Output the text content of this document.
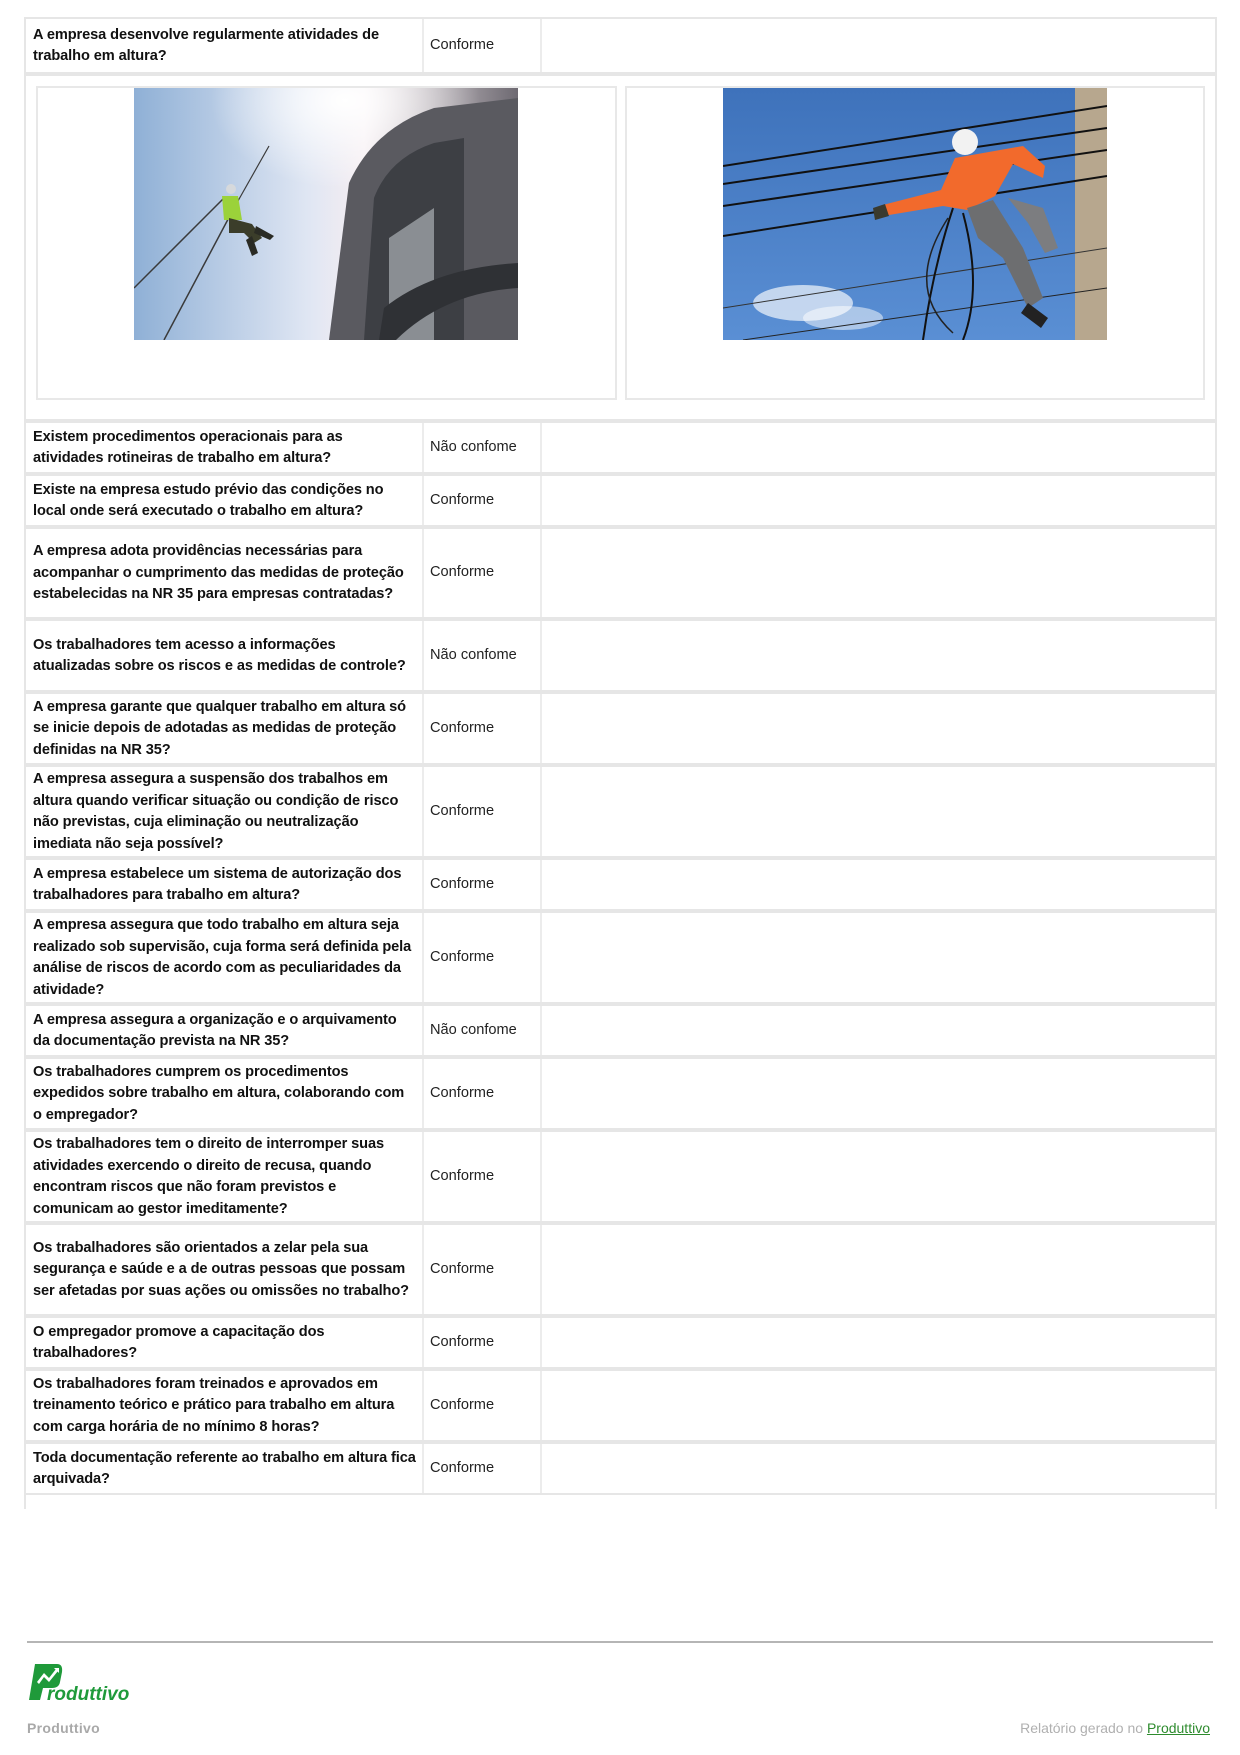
A empresa desenvolve regularmente atividades de trabalho em altura?
Conforme
Existem procedimentos operacionais para as atividades rotineiras de trabalho em altura?
Não confome
Existe na empresa estudo prévio das condições no local onde será executado o trabalho em altura?
Conforme
A empresa adota providências necessárias para acompanhar o cumprimento das medidas de proteção estabelecidas na NR 35 para empresas contratadas?
Conforme
Os trabalhadores tem acesso a informações atualizadas sobre os riscos e as medidas de controle?
Não confome
A empresa garante que qualquer trabalho em altura só se inicie depois de adotadas as medidas de proteção definidas na NR 35?
Conforme
A empresa assegura a suspensão dos trabalhos em altura quando verificar situação ou condição de risco não previstas, cuja eliminação ou neutralização imediata não seja possível?
Conforme
A empresa estabelece um sistema de autorização dos trabalhadores para trabalho em altura?
Conforme
A empresa assegura que todo trabalho em altura seja realizado sob supervisão, cuja forma será definida pela análise de riscos de acordo com as peculiaridades da atividade?
Conforme
A empresa assegura a organização e o arquivamento da documentação prevista na NR 35?
Não confome
Os trabalhadores cumprem os procedimentos expedidos sobre trabalho em altura, colaborando com o empregador?
Conforme
Os trabalhadores tem o direito de interromper suas atividades exercendo o direito de recusa, quando encontram riscos que não foram previstos e comunicam ao gestor imeditamente?
Conforme
Os trabalhadores são orientados a zelar pela sua segurança e saúde e a de outras pessoas que possam ser afetadas por suas ações ou omissões no trabalho?
Conforme
O empregador promove a capacitação dos trabalhadores?
Conforme
Os trabalhadores foram treinados e aprovados em treinamento teórico e prático para trabalho em altura com carga horária de no mínimo 8 horas?
Conforme
Toda documentação referente ao trabalho em altura fica arquivada?
Conforme
roduttivo
Produttivo	Relatório gerado no Produttivo
